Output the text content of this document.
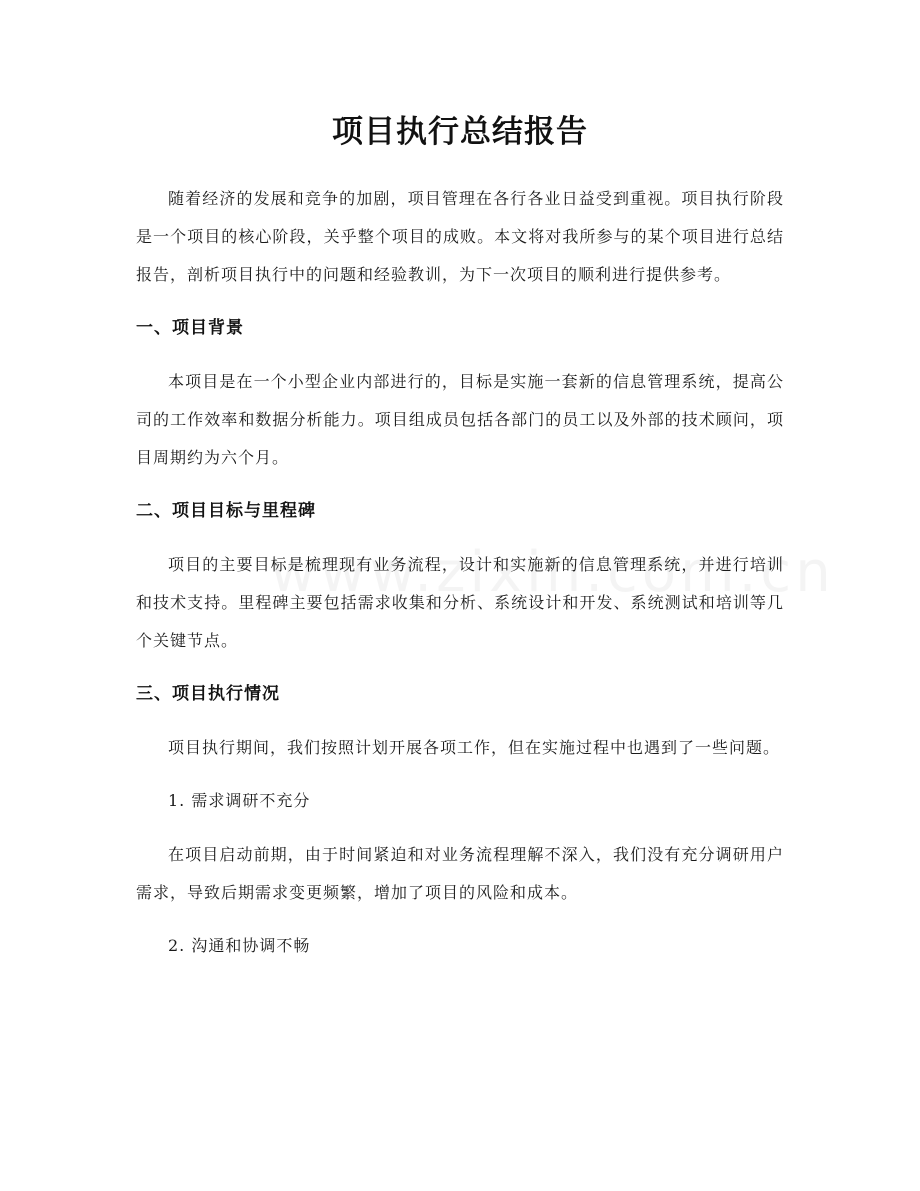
项目执行总结报告

随着经济的发展和竞争的加剧，项目管理在各行各业日益受到重视。项目执行阶段是一个项目的核心阶段，关乎整个项目的成败。本文将对我所参与的某个项目进行总结报告，剖析项目执行中的问题和经验教训，为下一次项目的顺利进行提供参考。

一、项目背景

本项目是在一个小型企业内部进行的，目标是实施一套新的信息管理系统，提高公司的工作效率和数据分析能力。项目组成员包括各部门的员工以及外部的技术顾问，项目周期约为六个月。

二、项目目标与里程碑

项目的主要目标是梳理现有业务流程，设计和实施新的信息管理系统，并进行培训和技术支持。里程碑主要包括需求收集和分析、系统设计和开发、系统测试和培训等几个关键节点。

三、项目执行情况

项目执行期间，我们按照计划开展各项工作，但在实施过程中也遇到了一些问题。

1. 需求调研不充分

在项目启动前期，由于时间紧迫和对业务流程理解不深入，我们没有充分调研用户需求，导致后期需求变更频繁，增加了项目的风险和成本。

2. 沟通和协调不畅
